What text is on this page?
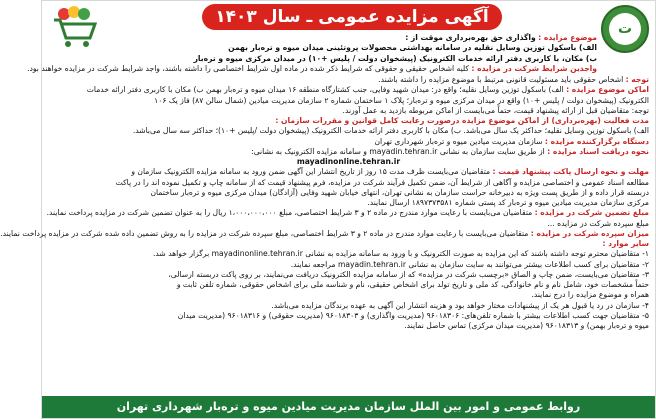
ت
آگهی مزایده عمومی ـ سال ۱۴۰۳

موضوع مزایده : واگذاری حق بهره‌برداری موقت از :

الف) باسکول توزین وسایل نقلیه در سامانه بهداشتی محصولات پروتئینی میدان میوه و تره‌بار بهمن

ب) مکان، با کاربری دفتر ارائه خدمات الکترونیک (پیشخوان دولت / پلیس +۱۰) در میدان مرکزی میوه و تره‌بار

واجدین شرایط شرکت در مزایده : کلیه اشخاص حقیقی و حقوقی که شرایط ذکر شده در ماده اول شرایط اختصاصی را داشته باشند، واجد شرایط شرکت در مزایده خواهند بود.

توجه : اشخاص حقوقی باید مسئولیت قانونی مرتبط با موضوع مزایده را داشته باشند.

اماکن موضوع مزایده : الف) باسکول توزین وسایل نقلیه؛ واقع در: میدان شهید وفایی، جنب کشتارگاه منطقه ۱۶ میدان میوه و تره‌بار بهمن ب) مکان با کاربری دفتر ارائه خدمات

الکترونیک (پیشخوان دولت / پلیس +۱۰) واقع در میدان مرکزی میوه و تره‌بار؛ پلاک ۱ ساختمان شماره ۲ سازمان مدیریت میادین (شمال سالن ۸۷) فاز یک ۱۰۶

توجه: متقاضیان قبل از ارائه پیشنهاد قیمت، حتماً می‌بایست از اماکن مربوطه بازدید به عمل آورند.

مدت فعالیت (بهره‌برداری) از اماکن موضوع مزایده درصورت رعایت کامل قوانین و مقررات سازمان :

الف) باسکول توزین وسایل نقلیه؛ حداکثر یک سال می‌باشد. ب) مکان با کاربری دفتر ارائه خدمات الکترونیک (پیشخوان دولت /پلیس +۱۰)؛ حداکثر سه سال می‌باشد.

دستگاه برگزارکننده مزایده : سازمان مدیریت میادین میوه و تره‌بار شهرداری تهران

نحوه دریافت اسناد مزایده : از طریق سایت سازمان به نشانی mayadin.tehran.ir و سامانه مزایده الکترونیک به نشانی:

mayadinonline.tehran.ir

مهلت و نحوه ارسال پاکت پیشنهاد قیمت : متقاضیان می‌بایست ظرف مدت ۱۵ روز از تاریخ انتشار این آگهی ضمن ورود به سامانه مزایده الکترونیک سازمان و

مطالعه اسناد عمومی و اختصاصی مزایده و آگاهی از شرایط آن، ضمن تکمیل فرآیند شرکت در مزایده، فرم پیشنهاد قیمت که از سامانه چاپ و تکمیل نموده اند را در پاکت

دربسته قرار داده و از طریق پست ویژه به دبیرخانه حراست سازمان به نشانی تهران، انتهای خیابان شهید وفایی (آزادگان) میدان مرکزی میوه و تره‌بار ساختمان

مرکزی سازمان مدیریت میادین میوه و تره‌بار کد پستی شماره ۱۸۹۷۳۷۳۵۸۱ ارسال نمایند.

مبلغ تضمین شرکت در مزایده : متقاضیان می‌بایست با رعایت موارد مندرج در ماده ۲ و ۳ شرایط اختصاصی، مبلغ ۱،۰۰۰،۰۰۰،۰۰۰ ریال را به عنوان تضمین شرکت در مزایده پرداخت نمایند.

مبلغ سپرده شرکت در مزایده ...

میزان سپرده شرکت در مزایده : متقاضیان می‌بایست با رعایت موارد مندرج در ماده ۲ و ۳ شرایط اختصاصی، مبلغ سپرده شرکت در مزایده را به روش تضمین داده شده شرکت در مزایده پرداخت نمایند.

سایر موارد :

۱- متقاضیان محترم توجه داشته باشند که این مزایده به صورت الکترونیک و با ورود به سامانه مزایده به نشانی mayadinonline.tehran.ir برگزار خواهد شد.

۲- متقاضیان برای کسب اطلاعات بیشتر می‌توانند به سایت سازمان به نشانی mayadin.tehran.ir مراجعه نمایند.

۳- متقاضیان می‌بایست، ضمن چاپ و الصاق «برچسب شرکت در مزایده» که از سامانه مزایده الکترونیک دریافت می‌نمایند، بر روی پاکت دربسته ارسالی،

حتماً مشخصات خود، شامل نام و نام خانوادگی، کد ملی و تاریخ تولد برای اشخاص حقیقی، نام و شناسه ملی برای اشخاص حقوقی، شماره تلفن ثابت و

همراه و موضوع مزایده را درج نمایند.

۴- سازمان در رد یا قبول هر یک از پیشنهادات مختار خواهد بود و هزینه انتشار این آگهی به عهده برندگان مزایده می‌باشد.

۵- متقاضیان جهت کسب اطلاعات بیشتر با شماره تلفن‌های: ۹۶۰۱۸۳۰۶ (مدیریت واگذاری) و ۹۶۰۱۸۳۰۳ (مدیریت حقوقی) و ۹۶۰۱۸۳۱۶ (مدیریت میدان

میوه و تره‌بار بهمن) و ۹۶۰۱۸۳۱۳ (مدیریت میدان مرکزی) تماس حاصل نمایند.

روابط عمومی و امور بین الملل سازمان مدیریت میادین میوه و تره‌بار شهرداری تهران
